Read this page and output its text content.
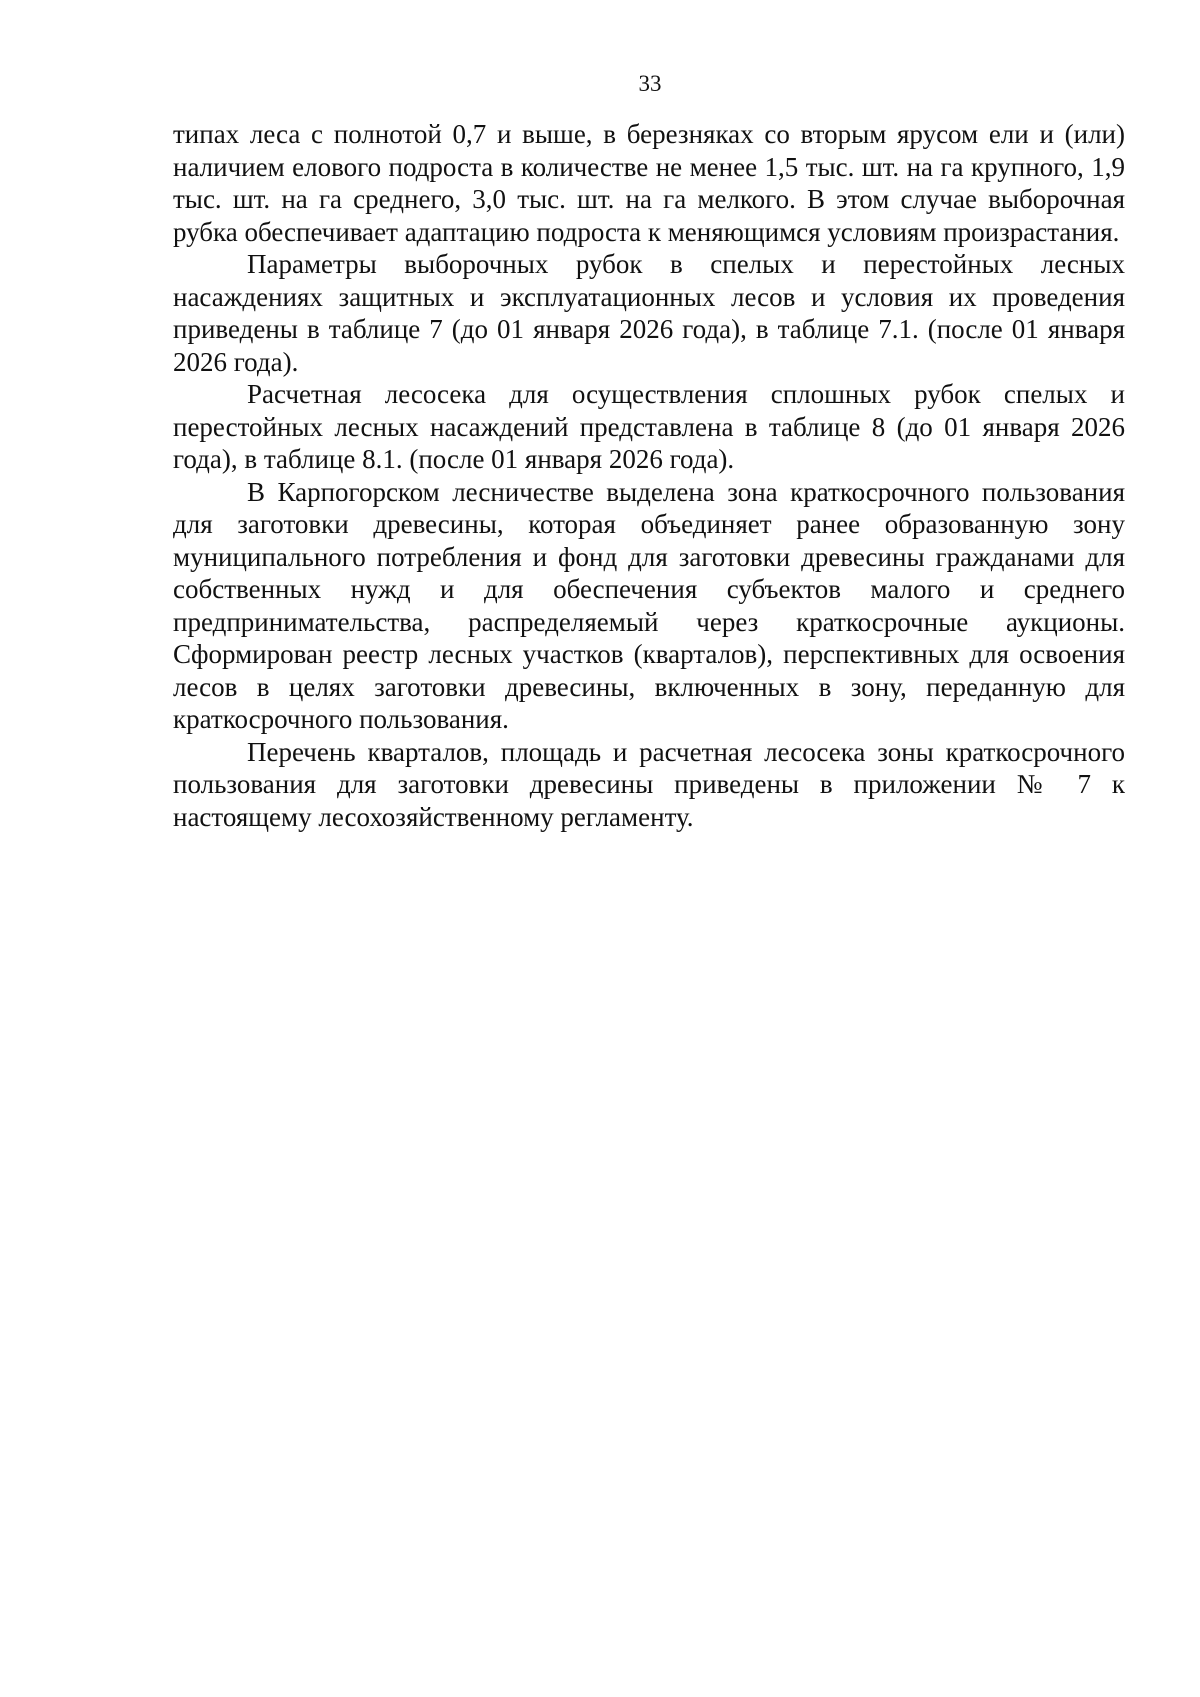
33

типах леса с полнотой 0,7 и выше, в березняках со вторым ярусом ели и (или) наличием елового подроста в количестве не менее 1,5 тыс. шт. на га крупного, 1,9 тыс. шт. на га среднего, 3,0 тыс. шт. на га мелкого. В этом случае выборочная рубка обеспечивает адаптацию подроста к меняющимся условиям произрастания.

Параметры выборочных рубок в спелых и перестойных лесных насаждениях защитных и эксплуатационных лесов и условия их проведения приведены в таблице 7 (до 01 января 2026 года), в таблице 7.1. (после 01 января 2026 года).

Расчетная лесосека для осуществления сплошных рубок спелых и перестойных лесных насаждений представлена в таблице 8 (до 01 января 2026 года), в таблице 8.1. (после 01 января 2026 года).

В Карпогорском лесничестве выделена зона краткосрочного пользования для заготовки древесины, которая объединяет ранее образованную зону муниципального потребления и фонд для заготовки древесины гражданами для собственных нужд и для обеспечения субъектов малого и среднего предпринимательства, распределяемый через краткосрочные аукционы. Сформирован реестр лесных участков (кварталов), перспективных для освоения лесов в целях заготовки древесины, включенных в зону, переданную для краткосрочного пользования.

Перечень кварталов, площадь и расчетная лесосека зоны краткосрочного пользования для заготовки древесины приведены в приложении № 7 к настоящему лесохозяйственному регламенту.
